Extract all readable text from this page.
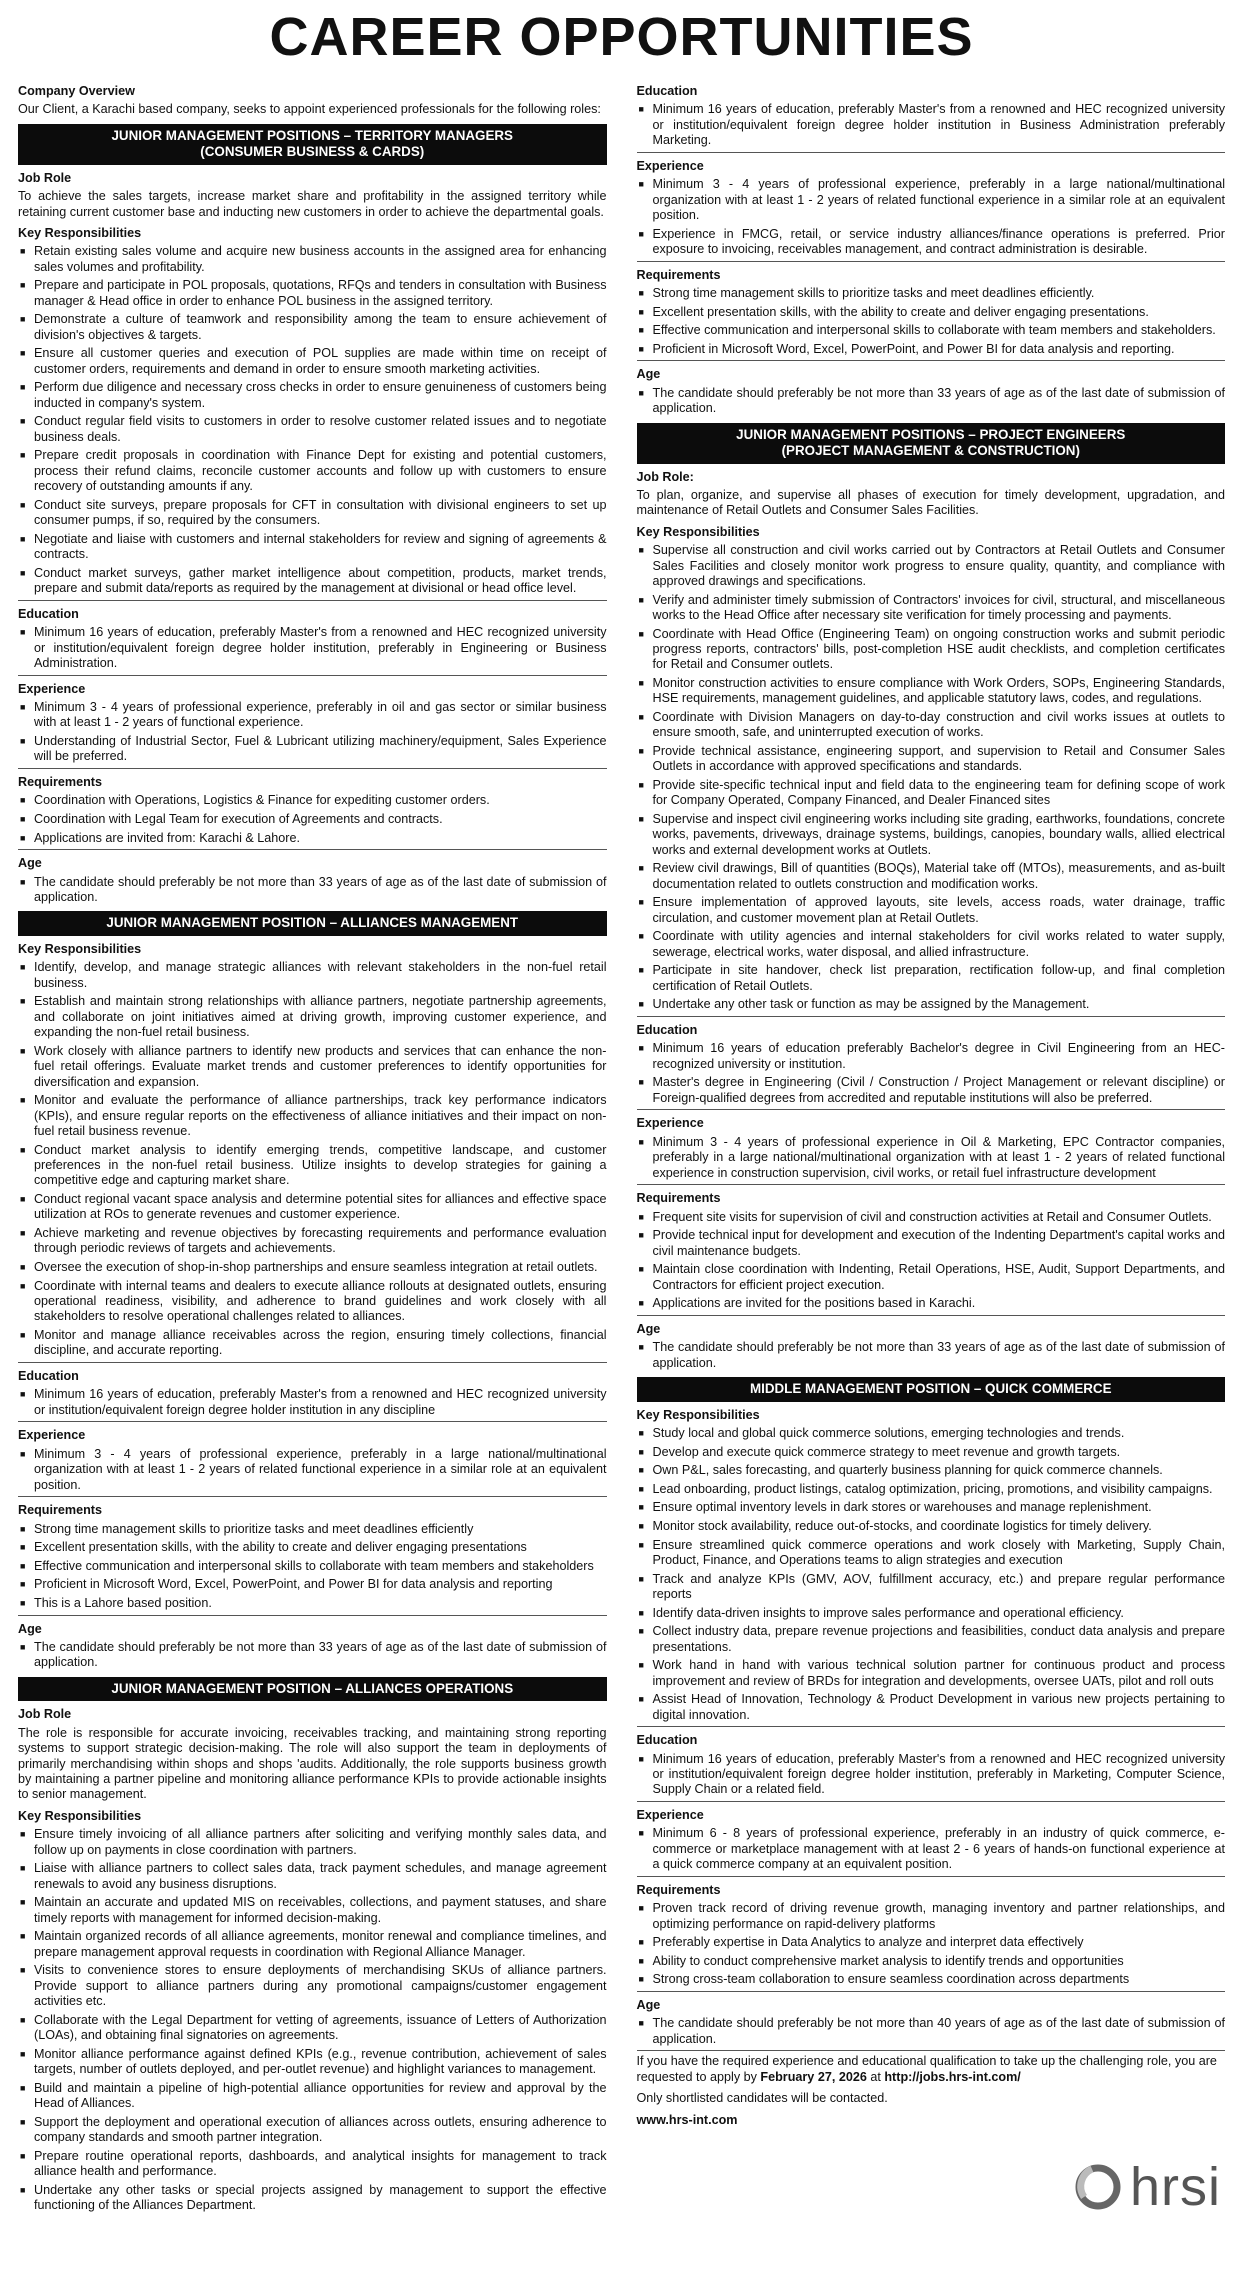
CAREER OPPORTUNITIES
Company Overview

Our Client, a Karachi based company, seeks to appoint experienced professionals for the following roles:

JUNIOR MANAGEMENT POSITIONS – TERRITORY MANAGERS
(CONSUMER BUSINESS & CARDS)
Job Role

To achieve the sales targets, increase market share and profitability in the assigned territory while retaining current customer base and inducting new customers in order to achieve the departmental goals.

Key Responsibilities
■ Retain existing sales volume and acquire new business accounts in the assigned area for enhancing sales volumes and profitability.
■ Prepare and participate in POL proposals, quotations, RFQs and tenders in consultation with Business manager & Head office in order to enhance POL business in the assigned territory.
■ Demonstrate a culture of teamwork and responsibility among the team to ensure achievement of division's objectives & targets.
■ Ensure all customer queries and execution of POL supplies are made within time on receipt of customer orders, requirements and demand in order to ensure smooth marketing activities.
■ Perform due diligence and necessary cross checks in order to ensure genuineness of customers being inducted in company's system.
■ Conduct regular field visits to customers in order to resolve customer related issues and to negotiate business deals.
■ Prepare credit proposals in coordination with Finance Dept for existing and potential customers, process their refund claims, reconcile customer accounts and follow up with customers to ensure recovery of outstanding amounts if any.
■ Conduct site surveys, prepare proposals for CFT in consultation with divisional engineers to set up consumer pumps, if so, required by the consumers.
■ Negotiate and liaise with customers and internal stakeholders for review and signing of agreements & contracts.
■ Conduct market surveys, gather market intelligence about competition, products, market trends, prepare and submit data/reports as required by the management at divisional or head office level.
Education
■ Minimum 16 years of education, preferably Master's from a renowned and HEC recognized university or institution/equivalent foreign degree holder institution, preferably in Engineering or Business Administration.
Experience
■ Minimum 3 - 4 years of professional experience, preferably in oil and gas sector or similar business with at least 1 - 2 years of functional experience.
■ Understanding of Industrial Sector, Fuel & Lubricant utilizing machinery/equipment, Sales Experience will be preferred.
Requirements
■ Coordination with Operations, Logistics & Finance for expediting customer orders.
■ Coordination with Legal Team for execution of Agreements and contracts.
■ Applications are invited from: Karachi & Lahore.
Age
■ The candidate should preferably be not more than 33 years of age as of the last date of submission of application.
JUNIOR MANAGEMENT POSITION – ALLIANCES MANAGEMENT
Key Responsibilities
■ Identify, develop, and manage strategic alliances with relevant stakeholders in the non-fuel retail business.
■ Establish and maintain strong relationships with alliance partners, negotiate partnership agreements, and collaborate on joint initiatives aimed at driving growth, improving customer experience, and expanding the non-fuel retail business.
■ Work closely with alliance partners to identify new products and services that can enhance the non-fuel retail offerings. Evaluate market trends and customer preferences to identify opportunities for diversification and expansion.
■ Monitor and evaluate the performance of alliance partnerships, track key performance indicators (KPIs), and ensure regular reports on the effectiveness of alliance initiatives and their impact on non-fuel retail business revenue.
■ Conduct market analysis to identify emerging trends, competitive landscape, and customer preferences in the non-fuel retail business. Utilize insights to develop strategies for gaining a competitive edge and capturing market share.
■ Conduct regional vacant space analysis and determine potential sites for alliances and effective space utilization at ROs to generate revenues and customer experience.
■ Achieve marketing and revenue objectives by forecasting requirements and performance evaluation through periodic reviews of targets and achievements.
■ Oversee the execution of shop-in-shop partnerships and ensure seamless integration at retail outlets.
■ Coordinate with internal teams and dealers to execute alliance rollouts at designated outlets, ensuring operational readiness, visibility, and adherence to brand guidelines and work closely with all stakeholders to resolve operational challenges related to alliances.
■ Monitor and manage alliance receivables across the region, ensuring timely collections, financial discipline, and accurate reporting.
Education
■ Minimum 16 years of education, preferably Master's from a renowned and HEC recognized university or institution/equivalent foreign degree holder institution in any discipline
Experience
■ Minimum 3 - 4 years of professional experience, preferably in a large national/multinational organization with at least 1 - 2 years of related functional experience in a similar role at an equivalent position.
Requirements
■ Strong time management skills to prioritize tasks and meet deadlines efficiently
■ Excellent presentation skills, with the ability to create and deliver engaging presentations
■ Effective communication and interpersonal skills to collaborate with team members and stakeholders
■ Proficient in Microsoft Word, Excel, PowerPoint, and Power BI for data analysis and reporting
■ This is a Lahore based position.
Age
■ The candidate should preferably be not more than 33 years of age as of the last date of submission of application.
JUNIOR MANAGEMENT POSITION – ALLIANCES OPERATIONS
Job Role

The role is responsible for accurate invoicing, receivables tracking, and maintaining strong reporting systems to support strategic decision-making. The role will also support the team in deployments of primarily merchandising within shops and shops 'audits. Additionally, the role supports business growth by maintaining a partner pipeline and monitoring alliance performance KPIs to provide actionable insights to senior management.

Key Responsibilities
■ Ensure timely invoicing of all alliance partners after soliciting and verifying monthly sales data, and follow up on payments in close coordination with partners.
■ Liaise with alliance partners to collect sales data, track payment schedules, and manage agreement renewals to avoid any business disruptions.
■ Maintain an accurate and updated MIS on receivables, collections, and payment statuses, and share timely reports with management for informed decision-making.
■ Maintain organized records of all alliance agreements, monitor renewal and compliance timelines, and prepare management approval requests in coordination with Regional Alliance Manager.
■ Visits to convenience stores to ensure deployments of merchandising SKUs of alliance partners. Provide support to alliance partners during any promotional campaigns/customer engagement activities etc.
■ Collaborate with the Legal Department for vetting of agreements, issuance of Letters of Authorization (LOAs), and obtaining final signatories on agreements.
■ Monitor alliance performance against defined KPIs (e.g., revenue contribution, achievement of sales targets, number of outlets deployed, and per-outlet revenue) and highlight variances to management.
■ Build and maintain a pipeline of high-potential alliance opportunities for review and approval by the Head of Alliances.
■ Support the deployment and operational execution of alliances across outlets, ensuring adherence to company standards and smooth partner integration.
■ Prepare routine operational reports, dashboards, and analytical insights for management to track alliance health and performance.
■ Undertake any other tasks or special projects assigned by management to support the effective functioning of the Alliances Department.
Education
■ Minimum 16 years of education, preferably Master's from a renowned and HEC recognized university or institution/equivalent foreign degree holder institution in Business Administration preferably Marketing.
Experience
■ Minimum 3 - 4 years of professional experience, preferably in a large national/multinational organization with at least 1 - 2 years of related functional experience in a similar role at an equivalent position.
■ Experience in FMCG, retail, or service industry alliances/finance operations is preferred. Prior exposure to invoicing, receivables management, and contract administration is desirable.
Requirements
■ Strong time management skills to prioritize tasks and meet deadlines efficiently.
■ Excellent presentation skills, with the ability to create and deliver engaging presentations.
■ Effective communication and interpersonal skills to collaborate with team members and stakeholders.
■ Proficient in Microsoft Word, Excel, PowerPoint, and Power BI for data analysis and reporting.
Age
■ The candidate should preferably be not more than 33 years of age as of the last date of submission of application.
JUNIOR MANAGEMENT POSITIONS – PROJECT ENGINEERS
(PROJECT MANAGEMENT & CONSTRUCTION)
Job Role:

To plan, organize, and supervise all phases of execution for timely development, upgradation, and maintenance of Retail Outlets and Consumer Sales Facilities.

Key Responsibilities
■ Supervise all construction and civil works carried out by Contractors at Retail Outlets and Consumer Sales Facilities and closely monitor work progress to ensure quality, quantity, and compliance with approved drawings and specifications.
■ Verify and administer timely submission of Contractors' invoices for civil, structural, and miscellaneous works to the Head Office after necessary site verification for timely processing and payments.
■ Coordinate with Head Office (Engineering Team) on ongoing construction works and submit periodic progress reports, contractors' bills, post-completion HSE audit checklists, and completion certificates for Retail and Consumer outlets.
■ Monitor construction activities to ensure compliance with Work Orders, SOPs, Engineering Standards, HSE requirements, management guidelines, and applicable statutory laws, codes, and regulations.
■ Coordinate with Division Managers on day-to-day construction and civil works issues at outlets to ensure smooth, safe, and uninterrupted execution of works.
■ Provide technical assistance, engineering support, and supervision to Retail and Consumer Sales Outlets in accordance with approved specifications and standards.
■ Provide site-specific technical input and field data to the engineering team for defining scope of work for Company Operated, Company Financed, and Dealer Financed sites
■ Supervise and inspect civil engineering works including site grading, earthworks, foundations, concrete works, pavements, driveways, drainage systems, buildings, canopies, boundary walls, allied electrical works and external development works at Outlets.
■ Review civil drawings, Bill of quantities (BOQs), Material take off (MTOs), measurements, and as-built documentation related to outlets construction and modification works.
■ Ensure implementation of approved layouts, site levels, access roads, water drainage, traffic circulation, and customer movement plan at Retail Outlets.
■ Coordinate with utility agencies and internal stakeholders for civil works related to water supply, sewerage, electrical works, water disposal, and allied infrastructure.
■ Participate in site handover, check list preparation, rectification follow-up, and final completion certification of Retail Outlets.
■ Undertake any other task or function as may be assigned by the Management.
Education
■ Minimum 16 years of education preferably Bachelor's degree in Civil Engineering from an HEC-recognized university or institution.
■ Master's degree in Engineering (Civil / Construction / Project Management or relevant discipline) or Foreign-qualified degrees from accredited and reputable institutions will also be preferred.
Experience
■ Minimum 3 - 4 years of professional experience in Oil & Marketing, EPC Contractor companies, preferably in a large national/multinational organization with at least 1 - 2 years of related functional experience in construction supervision, civil works, or retail fuel infrastructure development
Requirements
■ Frequent site visits for supervision of civil and construction activities at Retail and Consumer Outlets.
■ Provide technical input for development and execution of the Indenting Department's capital works and civil maintenance budgets.
■ Maintain close coordination with Indenting, Retail Operations, HSE, Audit, Support Departments, and Contractors for efficient project execution.
■ Applications are invited for the positions based in Karachi.
Age
■ The candidate should preferably be not more than 33 years of age as of the last date of submission of application.
MIDDLE MANAGEMENT POSITION – QUICK COMMERCE
Key Responsibilities
■ Study local and global quick commerce solutions, emerging technologies and trends.
■ Develop and execute quick commerce strategy to meet revenue and growth targets.
■ Own P&L, sales forecasting, and quarterly business planning for quick commerce channels.
■ Lead onboarding, product listings, catalog optimization, pricing, promotions, and visibility campaigns.
■ Ensure optimal inventory levels in dark stores or warehouses and manage replenishment.
■ Monitor stock availability, reduce out-of-stocks, and coordinate logistics for timely delivery.
■ Ensure streamlined quick commerce operations and work closely with Marketing, Supply Chain, Product, Finance, and Operations teams to align strategies and execution
■ Track and analyze KPIs (GMV, AOV, fulfillment accuracy, etc.) and prepare regular performance reports
■ Identify data-driven insights to improve sales performance and operational efficiency.
■ Collect industry data, prepare revenue projections and feasibilities, conduct data analysis and prepare presentations.
■ Work hand in hand with various technical solution partner for continuous product and process improvement and review of BRDs for integration and developments, oversee UATs, pilot and roll outs
■ Assist Head of Innovation, Technology & Product Development in various new projects pertaining to digital innovation.
Education
■ Minimum 16 years of education, preferably Master's from a renowned and HEC recognized university or institution/equivalent foreign degree holder institution, preferably in Marketing, Computer Science, Supply Chain or a related field.
Experience
■ Minimum 6 - 8 years of professional experience, preferably in an industry of quick commerce, e-commerce or marketplace management with at least 2 - 6 years of hands-on functional experience at a quick commerce company at an equivalent position.
Requirements
■ Proven track record of driving revenue growth, managing inventory and partner relationships, and optimizing performance on rapid-delivery platforms
■ Preferably expertise in Data Analytics to analyze and interpret data effectively
■ Ability to conduct comprehensive market analysis to identify trends and opportunities
■ Strong cross-team collaboration to ensure seamless coordination across departments
Age
■ The candidate should preferably be not more than 40 years of age as of the last date of submission of application.

If you have the required experience and educational qualification to take up the challenging role, you are requested to apply by February 27, 2026 at http://jobs.hrs-int.com/

Only shortlisted candidates will be contacted.

www.hrs-int.com
hrsi
